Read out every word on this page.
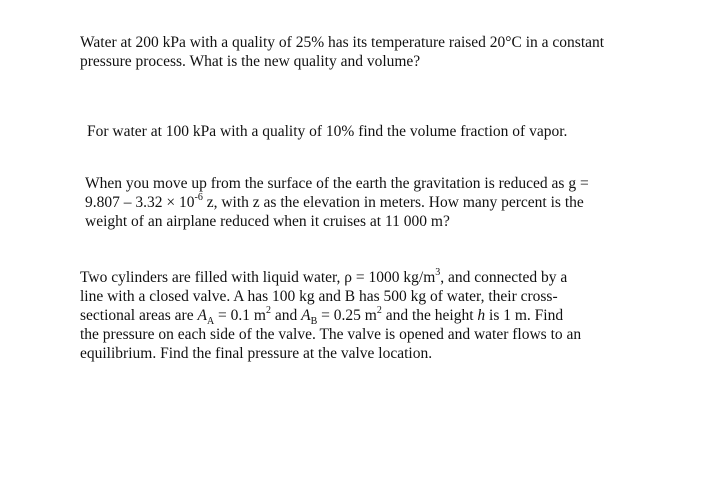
Water at 200 kPa with a quality of 25% has its temperature raised 20°C in a constant
pressure process. What is the new quality and volume?
For water at 100 kPa with a quality of 10% find the volume fraction of vapor.
When you move up from the surface of the earth the gravitation is reduced as g =
$9.807 - 3.32 \times 10^{-6}$ z, with z as the elevation in meters. How many percent is the
weight of an airplane reduced when it cruises at 11 000 m?
Two cylinders are filled with liquid water, ρ = 1000 $kg/m^3$, and connected by a
line with a closed valve. A has 100 kg and B has 500 kg of water, their cross-
sectional areas are $A_A = 0.1$ $m^2$ and $A_B = 0.25$ $m^2$ and the height h is 1 m. Find
the pressure on each side of the valve. The valve is opened and water flows to an
equilibrium. Find the final pressure at the valve location.
